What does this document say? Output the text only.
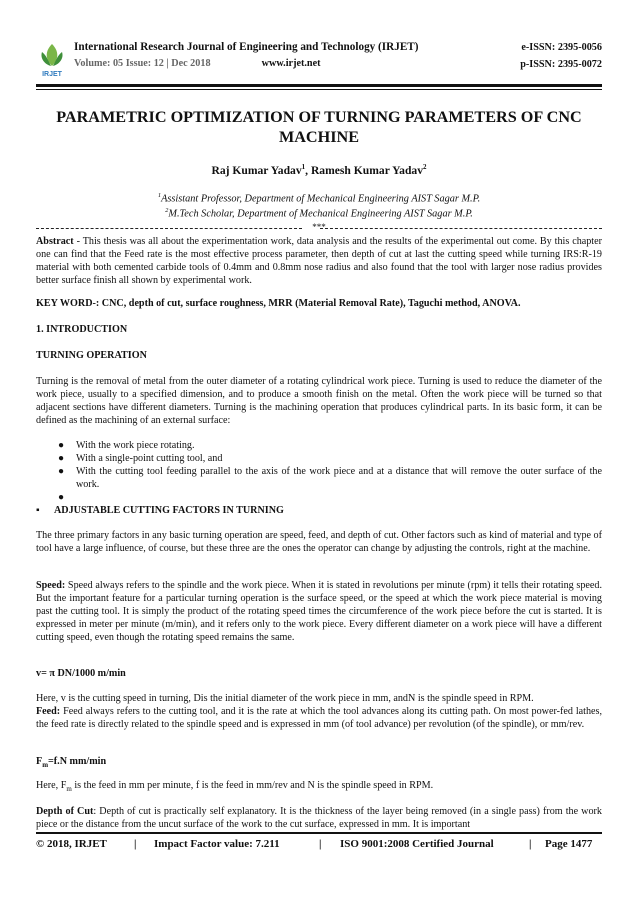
IRJET
International Research Journal of Engineering and Technology (IRJET)
Volume: 05 Issue: 12 | Dec 2018	www.irjet.net
e-ISSN: 2395-0056
p-ISSN: 2395-0072
PARAMETRIC OPTIMIZATION OF TURNING PARAMETERS OF CNC
MACHINE
Raj Kumar Yadav$^1$, Ramesh Kumar Yadav$^2$
$^1$Assistant Professor, Department of Mechanical Engineering AIST Sagar M.P.
$^2$M.Tech Scholar, Department of Mechanical Engineering AIST Sagar M.P.
***
Abstract - This thesis was all about the experimentation work, data analysis and the results of the experimental out come. By this chapter one can find that the Feed rate is the most effective process parameter, then depth of cut at last the cutting speed while turning IRS:R-19 material with both cemented carbide tools of 0.4mm and 0.8mm nose radius and also found that the tool with larger nose radius provides better surface finish all shown by experimental work.
KEY WORD-: CNC, depth of cut, surface roughness, MRR (Material Removal Rate), Taguchi method, ANOVA.
1. INTRODUCTION
TURNING OPERATION
Turning is the removal of metal from the outer diameter of a rotating cylindrical work piece. Turning is used to reduce the diameter of the work piece, usually to a specified dimension, and to produce a smooth finish on the metal. Often the work piece will be turned so that adjacent sections have different diameters. Turning is the machining operation that produces cylindrical parts. In its basic form, it can be defined as the machining of an external surface:
● With the work piece rotating.
● With a single-point cutting tool, and
● With the cutting tool feeding parallel to the axis of the work piece and at a distance that will remove the outer surface of the work.
●

▪ ADJUSTABLE CUTTING FACTORS IN TURNING
The three primary factors in any basic turning operation are speed, feed, and depth of cut. Other factors such as kind of material and type of tool have a large influence, of course, but these three are the ones the operator can change by adjusting the controls, right at the machine.
Speed: Speed always refers to the spindle and the work piece. When it is stated in revolutions per minute (rpm) it tells their rotating speed. But the important feature for a particular turning operation is the surface speed, or the speed at which the work piece material is moving past the cutting tool. It is simply the product of the rotating speed times the circumference of the work piece before the cut is started. It is expressed in meter per minute (m/min), and it refers only to the work piece. Every different diameter on a work piece will have a different cutting speed, even though the rotating speed remains the same.
v= π DN/1000 m/min
Here, v is the cutting speed in turning, Dis the initial diameter of the work piece in mm, andN is the spindle speed in RPM.
Feed: Feed always refers to the cutting tool, and it is the rate at which the tool advances along its cutting path. On most power-fed lathes, the feed rate is directly related to the spindle speed and is expressed in mm (of tool advance) per revolution (of the spindle), or mm/rev.
$F_m=f.N$ mm/min
Here, $F_m$ is the feed in mm per minute, f is the feed in mm/rev and N is the spindle speed in RPM.
Depth of Cut: Depth of cut is practically self explanatory. It is the thickness of the layer being removed (in a single pass) from the work piece or the distance from the uncut surface of the work to the cut surface, expressed in mm. It is important
© 2018, IRJET | Impact Factor value: 7.211	| ISO 9001:2008 Certified Journal	| Page 1477
